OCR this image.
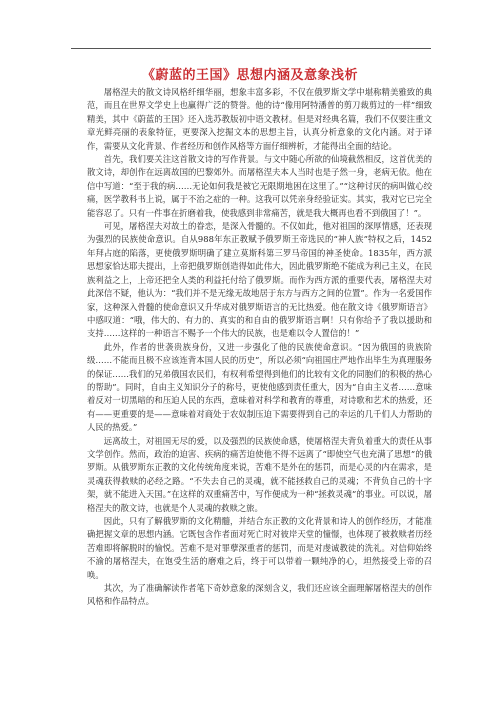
《蔚蓝的王国》思想内涵及意象浅析

屠格涅夫的散文诗风格纤细华丽，想象丰富多彩，不仅在俄罗斯文学中堪称精美雅致的典范，而且在世界文学史上也赢得广泛的赞誉。他的诗“像用阿特潘普的剪刀裁剪过的一样”细致精美，其中《蔚蓝的王国》还入选苏教版初中语文教材。但是对经典名篇，我们不仅要注重文章光鲜亮丽的表象特征，更要深入挖掘文本的思想主旨，认真分析意象的文化内涵。对于译作，需要从文化背景、作者经历和创作风格等方面仔细辨析，才能得出全面的结论。

首先，我们要关注这首散文诗的写作背景。与文中随心所欲的仙境截然相反，这首优美的散文诗，却创作在远离故国的巴黎郊外。而屠格涅夫本人当时也是子然一身，老病无依。他在信中写道：“至于我的病……无论如何我是被它无限期地困在这里了。”“这种讨厌的病叫做心绞痛，医学教科书上说，属于不治之症的一种。这我可以凭亲身经验证实。其实，我对它已完全能容忍了。只有一件事在折磨着我，使我感到非常痛苦，就是我大概再也看不到俄国了！”。

可见，屠格涅夫对故土的眷恋，是深入骨髓的。不仅如此，他对祖国的深厚情感，还表现为强烈的民族使命意识。自从988年东正教赋予俄罗斯王帝选民的“神人族”特权之后，1452年拜占庭的陷落，更使俄罗斯明确了建立莫斯科第三罗马帝国的神圣使命。1835年，西方派思想家恰达耶夫提出，上帝把俄罗斯创造得如此伟大，因此俄罗斯绝不能成为利己主义，在民族利益之上，上帝还把全人类的利益托付给了俄罗斯。而作为西方派的重要代表，屠格涅夫对此深信不疑，他认为：“我们并不是无缘无故地居于东方与西方之间的位置”。作为一名爱国作家，这种深入骨髓的使命意识又升华成对俄罗斯语言的无比热爱。他在散文诗《俄罗斯语言》中感叹道：“哦，伟大的、有力的、真实的和自由的俄罗斯语言啊！只有你给予了我以援助和支持……这样的一种语言不赐予一个伟大的民族，也是难以令人置信的！”

此外，作者的世袭贵族身份，又进一步强化了他的民族使命意识。“因为俄国的贵族阶级……不能而且极不应该连背本国人民的历史”，所以必须“向祖国庄严地作出毕生为真理服务的保证……我们的兄弟俄国农民们，有权利希望得到他们的比较有文化的同胞们的积极的热心的帮助”。同时，自由主义知识分子的称号，更使他感到责任重大，因为“自由主义者……意味着反对一切黑暗的和压迫人民的东西，意味着对科学和教育的尊重，对诗歌和艺术的热爱，还有——更重要的是——意味着对商处于农奴制压迫下需要得到自己的幸运的几千们人力帮助的人民的热爱。”

远离故土，对祖国无尽的爱，以及强烈的民族使命感，使屠格涅夫背负着重大的责任从事文学创作。然而，政治的迫害、疾病的痛苦迫使他不得不远离了“即使空气也充满了思想”的俄罗斯。从俄罗斯东正教的文化传统角度来说，苦难不是外在的惩罚，而是心灵的内在需求，是灵魂获得救赎的必经之路。“不失去自己的灵魂，就不能拯救自己的灵魂；不背负自己的十字架，就不能进入天国。”在这样的双重痛苦中，写作便成为一种“拯救灵魂”的事业。可以说，屠格涅夫的散文诗，也就是个人灵魂的救赎之旅。

因此，只有了解俄罗斯的文化精髓，并结合东正教的文化背景和诗人的创作经历，才能准确把握文章的思想内涵。它既包含作者面对死亡时对彼岸天堂的憧憬，也体现了被救赎者历经苦难即将解脱时的愉悦。苦难不是对罪孽深重者的惩罚，而是对虔诚教徒的洗礼。对信仰始终不渝的屠格涅夫，在饱受生活的磨难之后，终于可以带着一颗纯净的心，坦然接受上帝的召唤。

其次，为了准确解读作者笔下奇妙意象的深刻含义，我们还应该全面理解屠格涅夫的创作风格和作品特点。
